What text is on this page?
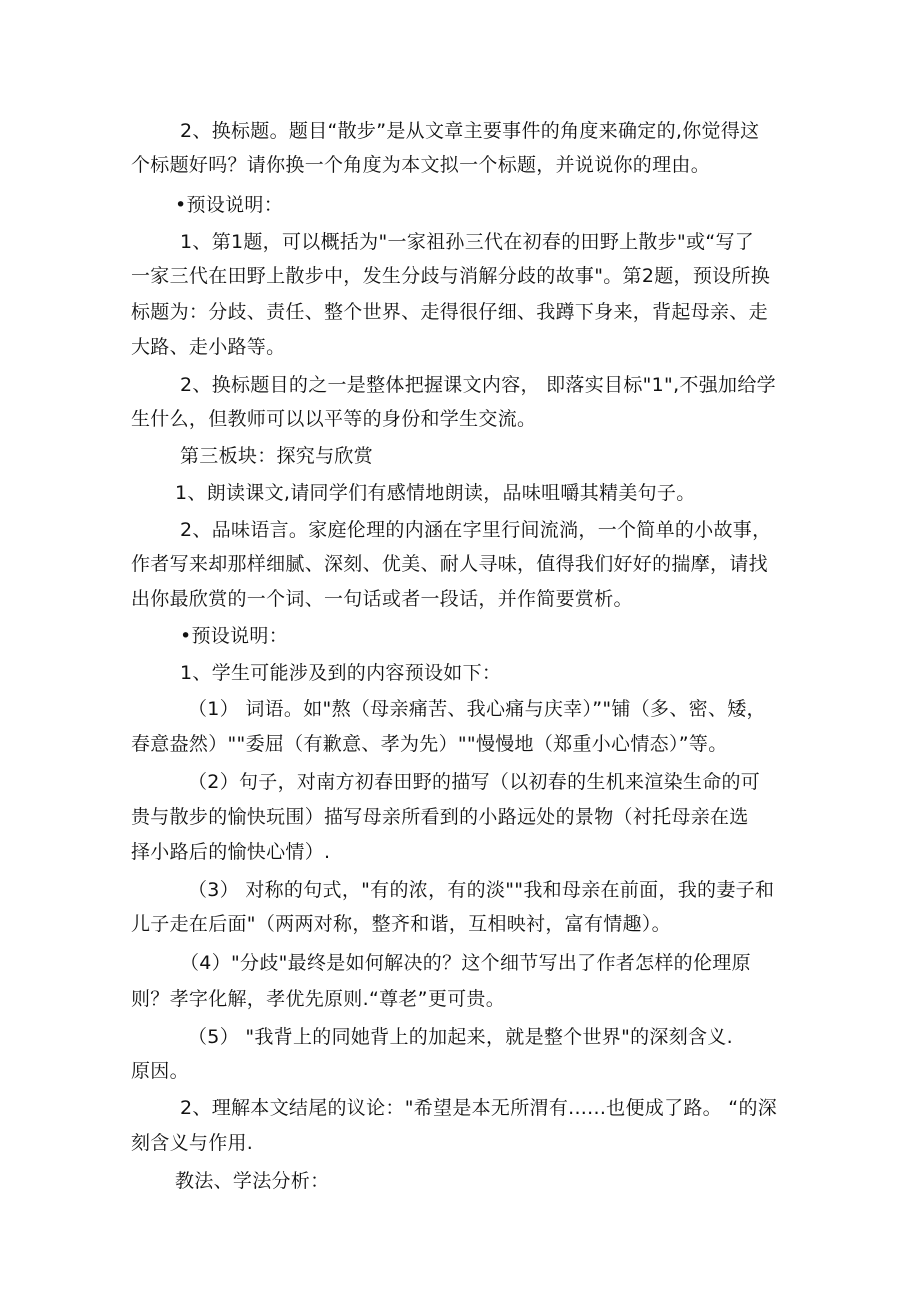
2、换标题。题目“散步”是从文章主要事件的角度来确定的,你觉得这

个标题好吗？请你换一个角度为本文拟一个标题，并说说你的理由。

•预设说明：

1、第1题，可以概括为"一家祖孙三代在初春的田野上散步"或“写了

一家三代在田野上散步中，发生分歧与消解分歧的故事"。第2题，预设所换

标题为：分歧、责任、整个世界、走得很仔细、我蹲下身来，背起母亲、走

大路、走小路等。

2、换标题目的之一是整体把握课文内容， 即落实目标"1",不强加给学

生什么，但教师可以以平等的身份和学生交流。

第三板块：探究与欣赏

1、朗读课文,请同学们有感情地朗读，品味咀嚼其精美句子。

2、品味语言。家庭伦理的内涵在字里行间流淌，一个简单的小故事，

作者写来却那样细腻、深刻、优美、耐人寻味，值得我们好好的揣摩，请找

出你最欣赏的一个词、一句话或者一段话，并作简要赏析。

•预设说明：

1、学生可能涉及到的内容预设如下：

（1） 词语。如"熬（母亲痛苦、我心痛与庆幸）”"铺（多、密、矮，

春意盎然）""委屈（有歉意、孝为先）""慢慢地（郑重小心情态）”等。

（2）句子，对南方初春田野的描写（以初春的生机来渲染生命的可

贵与散步的愉快玩围）描写母亲所看到的小路远处的景物（衬托母亲在选

择小路后的愉快心情）.

（3） 对称的句式，"有的浓，有的淡""我和母亲在前面，我的妻子和

儿子走在后面"（两两对称，整齐和谐，互相映衬，富有情趣）。

（4）"分歧"最终是如何解决的？这个细节写出了作者怎样的伦理原

则？孝字化解，孝优先原则.“尊老”更可贵。

（5） "我背上的同她背上的加起来，就是整个世界"的深刻含义.

原因。

2、理解本文结尾的议论："希望是本无所渭有......也便成了路。 “的深

刻含义与作用.

教法、学法分析：
